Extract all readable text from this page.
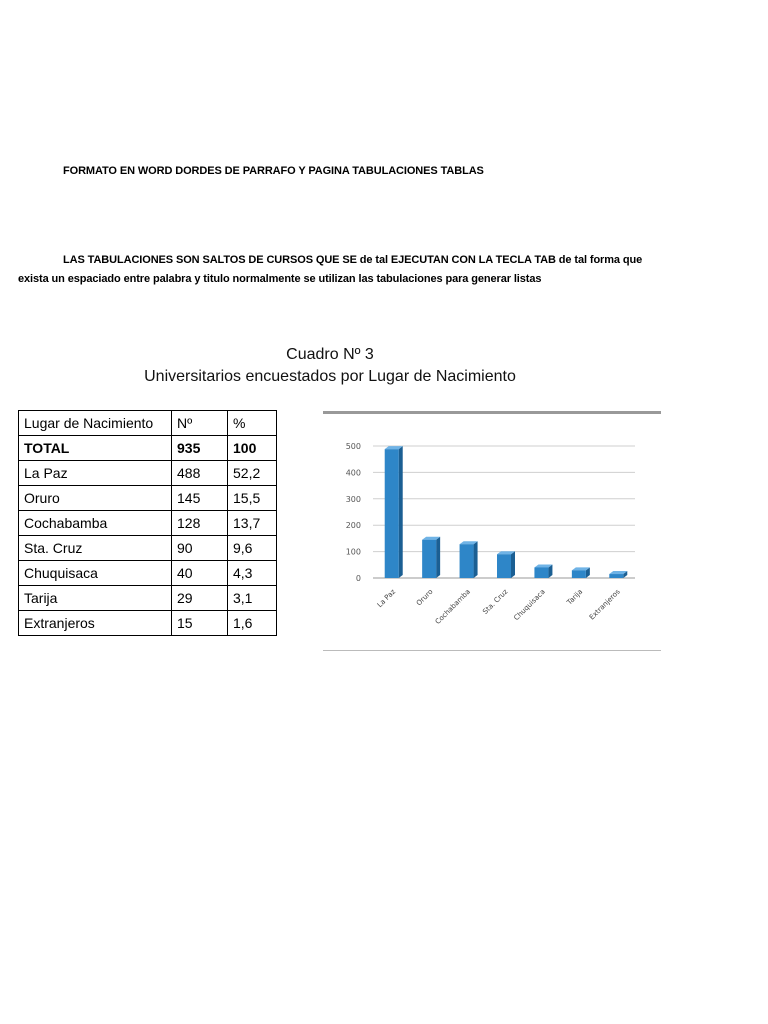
FORMATO EN WORD DORDES DE PARRAFO Y PAGINA TABULACIONES TABLAS
LAS TABULACIONES SON SALTOS DE CURSOS QUE SE de tal EJECUTAN CON LA TECLA TAB de tal forma que exista un espaciado entre palabra y titulo normalmente se utilizan las tabulaciones para generar listas
Cuadro Nº 3
Universitarios encuestados por Lugar de Nacimiento
Lugar de Nacimiento	Nº	%
TOTAL	935	100
La Paz	488	52,2
Oruro	145	15,5
Cochabamba	128	13,7
Sta. Cruz	90	9,6
Chuquisaca	40	4,3
Tarija	29	3,1
Extranjeros	15	1,6
0
100
200
300
400
500
La Paz	Oruro Cochabamba Sta. Cruz Chuquisaca	Tarija Extranjeros
